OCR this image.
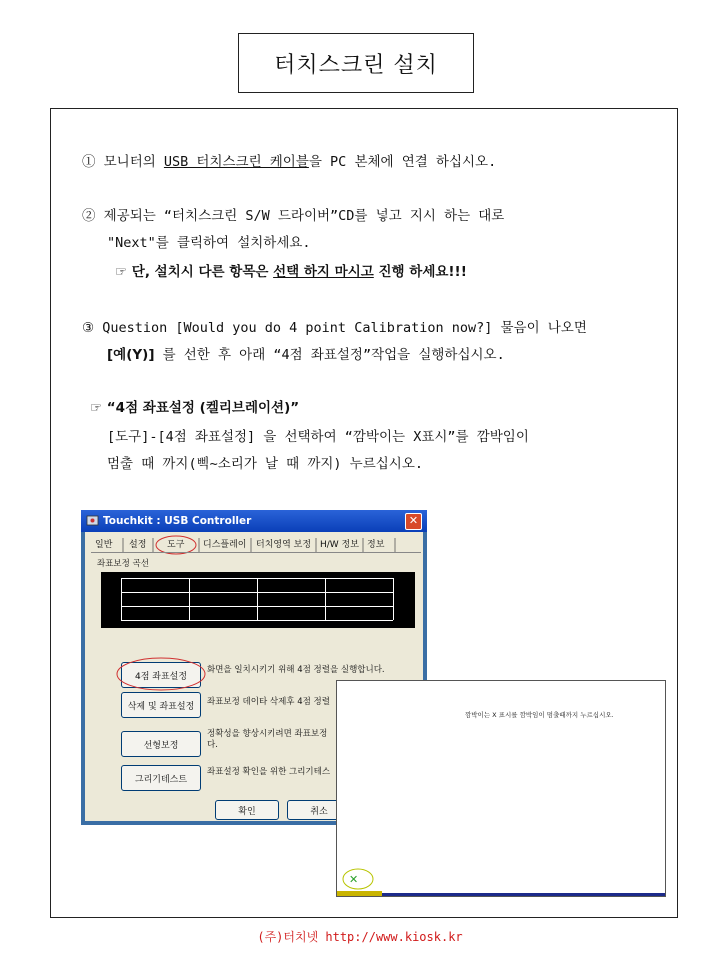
터치스크린 설치
① 모니터의 USB 터치스크린 케이블을 PC 본체에 연결 하십시오.
② 제공되는 “터치스크린 S/W 드라이버”CD를 넣고 지시 하는 대로
"Next"를 클릭하여 설치하세요.
☞ 단, 설치시 다른 항목은 선택 하지 마시고 진행 하세요!!!
③ Question [Would you do 4 point Calibration now?] 물음이 나오면
[예(Y)] 를 선한 후 아래 “4점 좌표설정”작업을 실행하십시오.
☞ “4점 좌표설정 (켈리브레이션)”
[도구]-[4점 좌표설정] 을 선택하여 “깜박이는 X표시”를 깜박임이
멈출 때 까지(삑~소리가 날 때 까지) 누르십시오.
Touchkit : USB Controller	✕
일반 설정 도구 디스플레이 터치영역 보정 H/W 정보 정보
좌표보정 곡선
4점 좌표설정
삭제 및 좌표설정
선형보정
그리기테스트
화면을 일치시키기 위해 4점 정렬을 실행합니다.
좌표보정 데이타 삭제후 4점 정렬
정확성을 향상시키려면 좌표보정
다.
좌표설정 확인을 위한 그리기테스
확인	취소
깜박이는 X 표시를 깜박임이 멈출때까지 누르십시오.
✕
(주)터치넷 http://www.kiosk.kr
